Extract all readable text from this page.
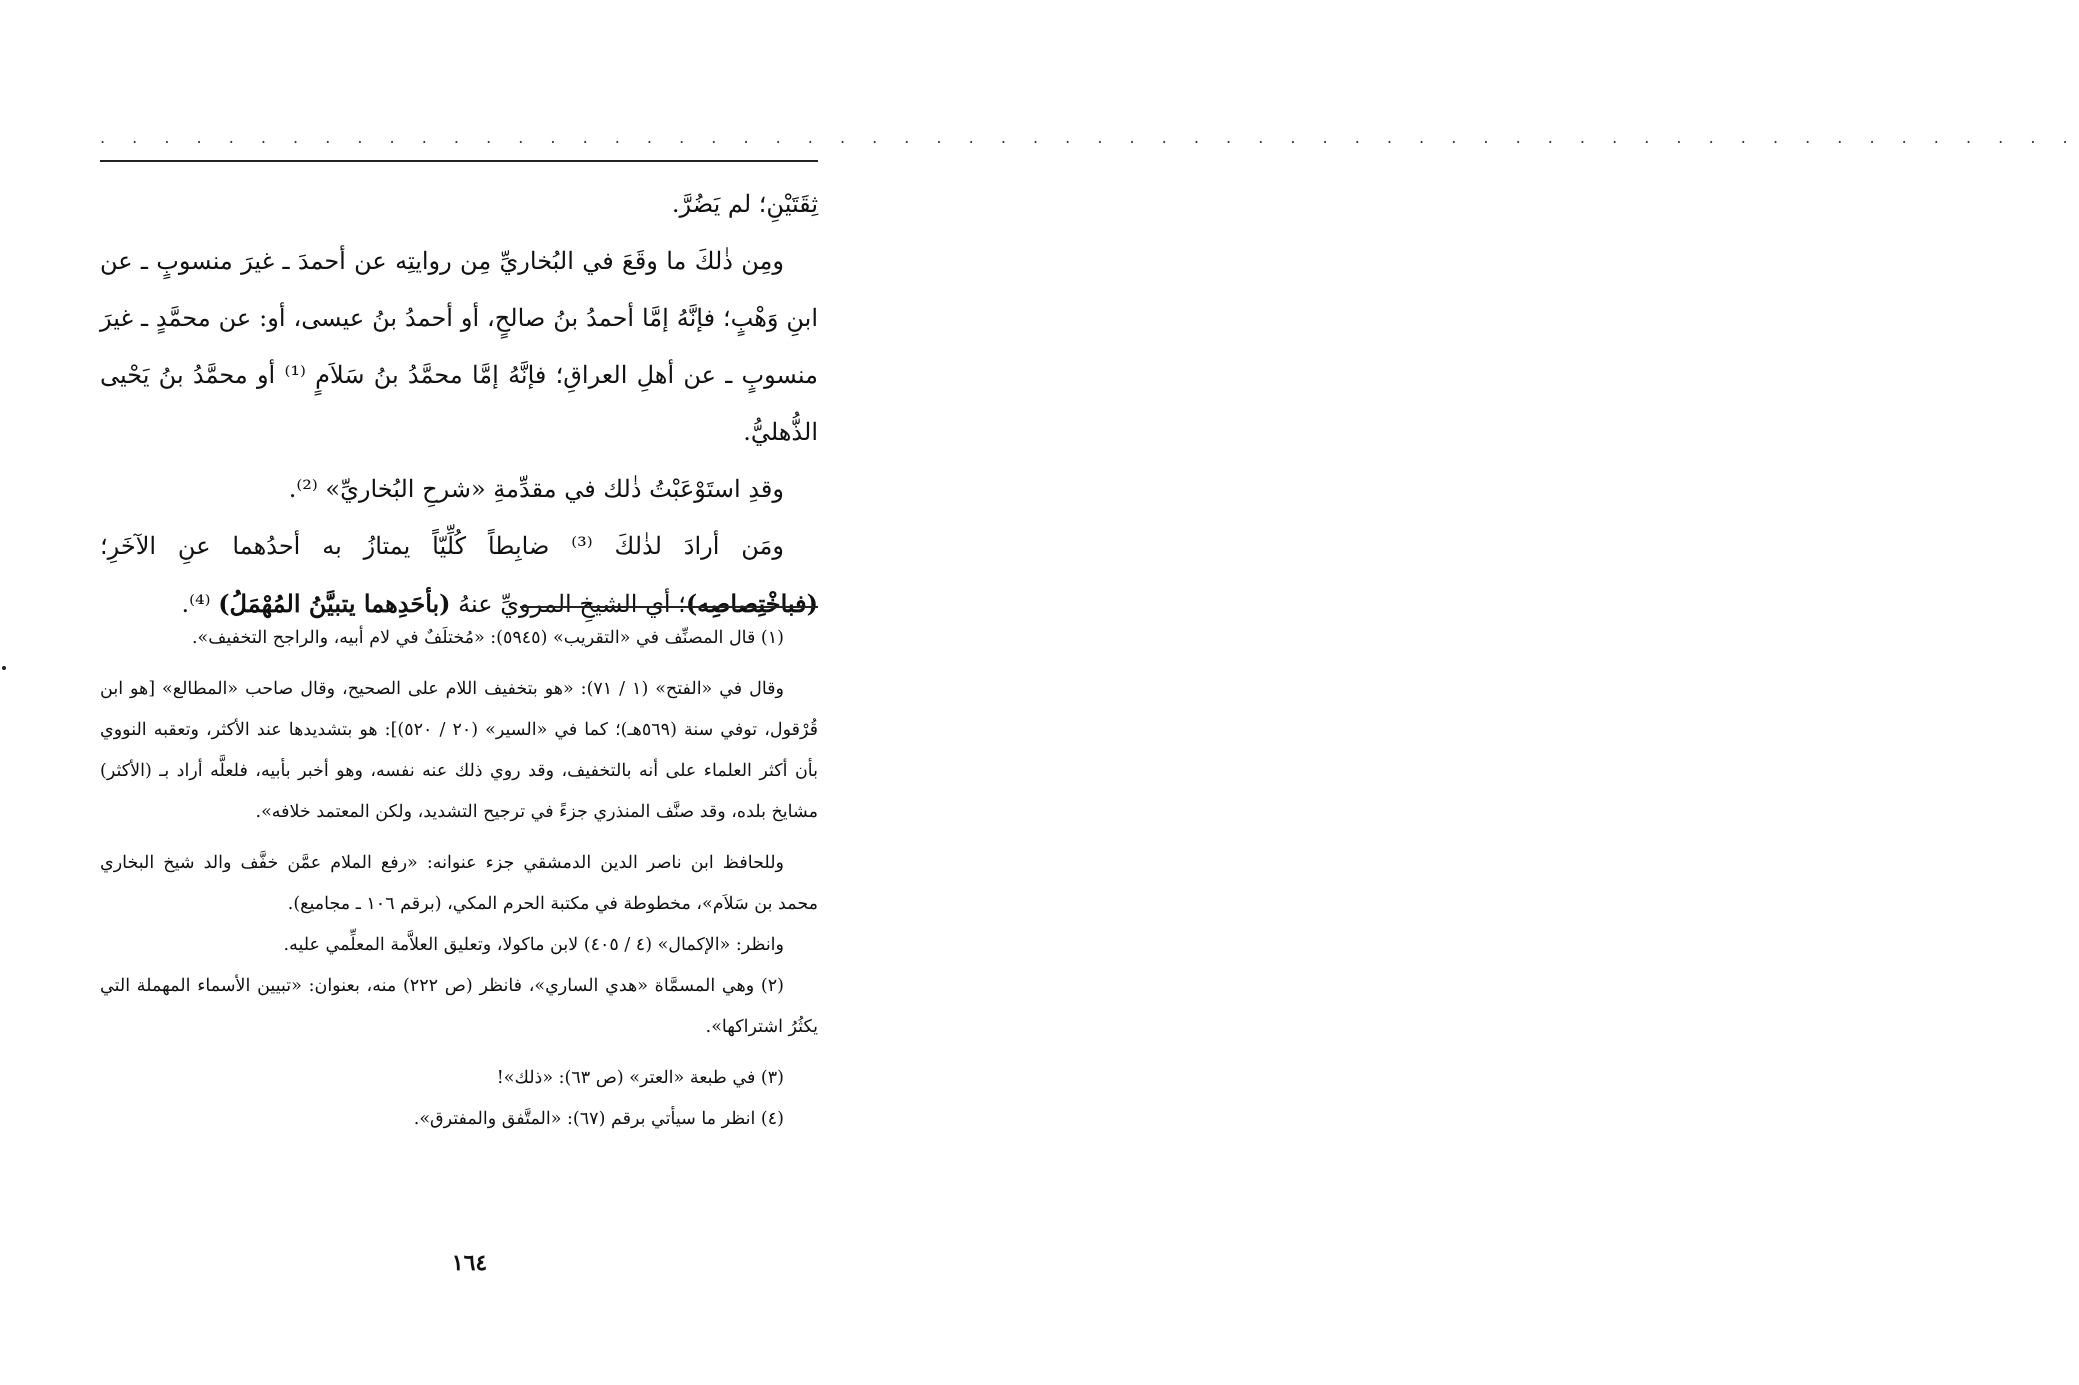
. . . . . . . . . . . . . . . . . . . . . . . . . . . . . . . . . . . . . . . . . . . . . . . . . . . . . . . . . . . . . .

ثِقَتَيْنِ؛ لم يَضُرَّ.

ومِن ذٰلكَ ما وقَعَ في البُخاريِّ مِن روايتِه عن أحمدَ ـ غيرَ منسوبٍ ـ عن ابنِ وَهْبٍ؛ فإنَّهُ إمَّا أحمدُ بنُ صالحٍ، أو أحمدُ بنُ عيسى، أو: عن محمَّدٍ ـ غيرَ منسوبٍ ـ عن أهلِ العراقِ؛ فإنَّهُ إمَّا محمَّدُ بنُ سَلاَمٍ ⁽¹⁾ أو محمَّدُ بنُ يَحْيى الذُّهليُّ.

وقدِ استَوْعَبْتُ ذٰلك في مقدِّمةِ «شرحِ البُخاريِّ» ⁽²⁾.

ومَن أرادَ لذٰلكَ ⁽³⁾ ضابِطاً كُلِّيّاً يمتازُ به أحدُهما عنِ الآخَرِ؛ (فباخْتِصاصِه)؛ أي الشيخِ المرويِّ عنهُ (بأحَدِهما يتبيَّنُ المُهْمَلُ) ⁽⁴⁾.

(١) قال المصنِّف في «التقريب» (٥٩٤٥): «مُختلَفٌ في لام أبيه، والراجح التخفيف».

وقال في «الفتح» (١ / ٧١): «هو بتخفيف اللام على الصحيح، وقال صاحب «المطالع» [هو ابن قُرْقول، توفي سنة (٥٦٩هـ)؛ كما في «السير» (٢٠ / ٥٢٠)]: هو بتشديدها عند الأكثر، وتعقبه النووي بأن أكثر العلماء على أنه بالتخفيف، وقد روي ذلك عنه نفسه، وهو أخبر بأبيه، فلعلَّه أراد بـ (الأكثر) مشايخ بلده، وقد صنَّف المنذري جزءً في ترجيح التشديد، ولكن المعتمد خلافه».

وللحافظ ابن ناصر الدين الدمشقي جزء عنوانه: «رفع الملام عمَّن خفَّف والد شيخ البخاري محمد بن سَلاَم»، مخطوطة في مكتبة الحرم المكي، (برقم ١٠٦ ـ مجاميع).

وانظر: «الإكمال» (٤ / ٤٠٥) لابن ماكولا، وتعليق العلاَّمة المعلِّمي عليه.

(٢) وهي المسمَّاة «هدي الساري»، فانظر (ص ٢٢٢) منه، بعنوان: «تبيين الأسماء المهملة التي يكثُرُ اشتراكها».

(٣) في طبعة «العتر» (ص ٦٣): «ذلك»!

(٤) انظر ما سيأتي برقم (٦٧): «المتَّفق والمفترق».

١٦٤
